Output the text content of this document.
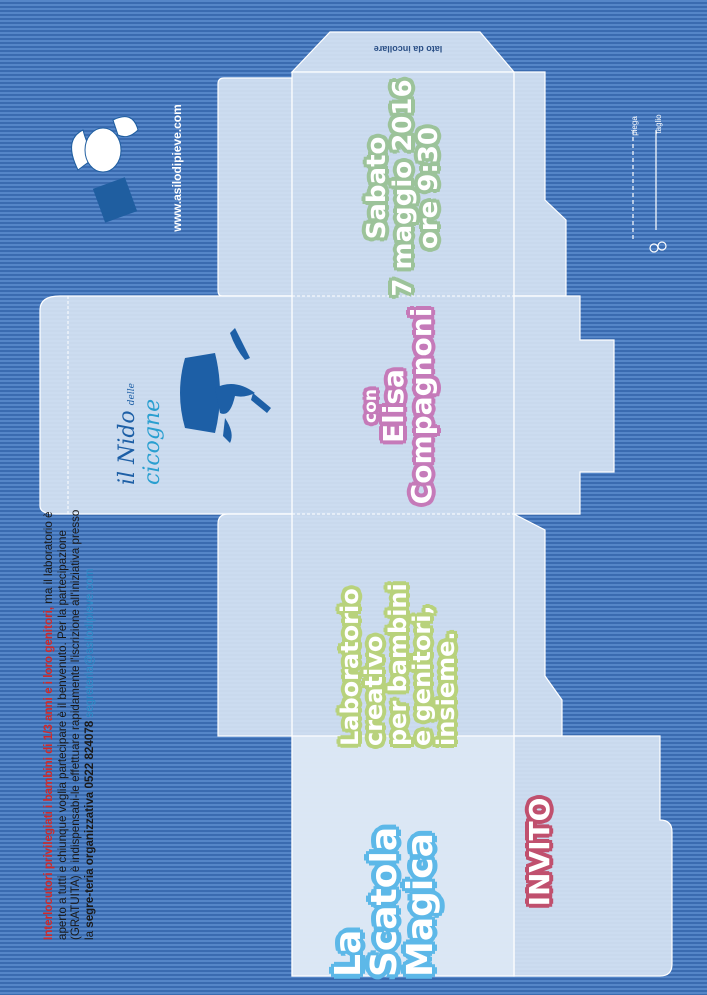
lato da incollare
www.asilodipieve.com	piega	taglio
Sabato
7 maggio 2016
ore 9:30
con
Elisa
Compagnoni
Laboratorio
creativo
per bambini
e genitori,
insieme.
La
Scatola
Magica	INVITO
il Nido delle
cicogne

Interlocutori privilegiati i bambini di 1/3 anni e i loro genitori, ma il laboratorio è aperto a tutti e chiunque voglia partecipare è il benvenuto. Per la partecipazione (GRATUITA) è indispensabi-le effettuare rapidamente l'iscrizione all'iniziativa presso la segre-teria organizzativa 0522 824078 segreteria@asilodipieve.com
